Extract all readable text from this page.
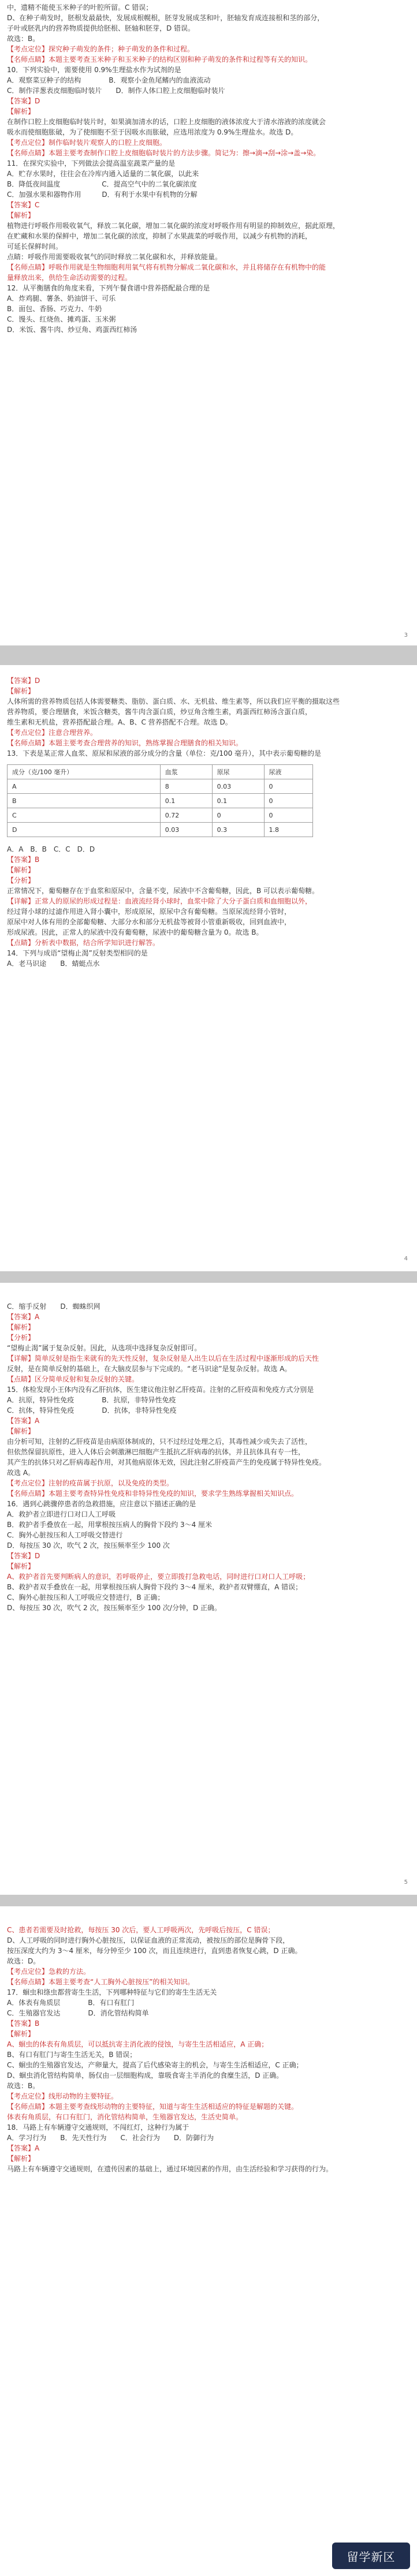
中，遗精不能使玉米种子的叶腔所留。C 错误；
D、在种子萌发时，胚根发最最快，发展成根幌根，胚芽发展成茎和叶，胚轴发育成连接根和茎的部分，
子叶或胚乳内的营养物质提供给胚根、胚轴和胚芽，D 错误。
故选：B。
【考点定位】探究种子萌发的条件；种子萌发的条件和过程。
【名师点睛】本题主要考查玉米种子和玉米种子的结构区别和种子萌发的条件和过程等有关的知识。
10．下列实验中，需要使用 0.9%生理盐水作为试剂的是
A．观察菜豆种子的结构　　　　B．观察小金鱼尾鳍内的血液流动
C．制作洋葱表皮细胞临时装片　　D．制作人体口腔上皮细胞临时装片
【答案】D
【解析】
在制作口腔上皮细胞临时装片时，如果滴加清水的话，口腔上皮细胞的液体浓度大于清水溶液的浓度就会
吸水而使细胞胀破，为了使细胞不至于因吸水而胀破，应选用浓度为 0.9%生理盐水。故选 D。
【考点定位】制作临时装片观察人的口腔上皮细胞。
【名师点睛】本题主要考查制作口腔上皮细胞临时装片的方法步骤。简记为：擦→滴→刮→涂→盖→染。
11．在探究实验中，下列做法会提高温室蔬菜产量的是
A．贮存水果时，往往会在冷库内通入适量的二氧化碳，以此来
B．降低夜间温度　　　　　　C．提高空气中的二氧化碳浓度
C．加强水果和器物作用　　　D．有利于水果中有机物的分解
【答案】C
【解析】
植物进行呼吸作用吸收氧气，释放二氧化碳，增加二氧化碳的浓度对呼吸作用有明显的抑制效应，据此原理，
在贮藏和水果的保鲜中，增加二氧化碳的浓度，抑制了水果蔬菜的呼吸作用，以减少有机物的消耗，
可延长保鲜时间。
点睛：呼吸作用需要吸收氧气的同时释放二氧化碳和水，并释放能量。
【名师点睛】呼吸作用就是生物细胞利用氧气将有机物分解成二氧化碳和水，并且将储存在有机物中的能
量释放出来，供给生命活动需要的过程。
12．从平衡膳食的角度来看，下列午餐食谱中营养搭配最合理的是
A．炸鸡腿、薯条、奶油饼干、可乐
B．面包、香肠、巧克力、牛奶
C．馒头、红烧鱼、摊鸡蛋、玉米粥
D．米饭、酱牛肉、炒豆角、鸡蛋西红柿汤
3
【答案】D
【解析】
人体所需的营养物质包括人体需要糖类、脂肪、蛋白质、水、无机盐、维生素等，所以我们应平衡的摄取这些
营养物质，要合理膳食，米饭含糖类，酱牛肉含蛋白质，炒豆角含维生素，鸡蛋西红柿汤含蛋白质，
维生素和无机盐，营养搭配最合理。A、B、C 营养搭配不合理。故选 D。
【考点定位】注意合理营养。
【名师点睛】本题主要考查合理营养的知识，熟练掌握合理膳食的相关知识。
13．下表是某正常人血浆、原尿和尿液的部分成分的含量（单位：克/100 毫升），其中表示葡萄糖的是
成分（克/100 毫升）	血浆	原尿	尿液
A	8	0.03	0
B	0.1	0.1	0
C	0.72	0	0
D	0.03	0.3	1.8
A．A　B．B　C．C　D．D
【答案】B
【解析】
【分析】
正常情况下，葡萄糖存在于血浆和原尿中，含量不变，尿液中不含葡萄糖，因此，B 可以表示葡萄糖。
【详解】正常人的原尿的形成过程是：血液流经肾小球时，血浆中除了大分子蛋白质和血细胞以外，
经过肾小球的过滤作用进入肾小囊中，形成原尿，原尿中含有葡萄糖。当原尿流经肾小管时，
原尿中对人体有用的全部葡萄糖、大部分水和部分无机盐等被肾小管重新吸收，回到血液中，
形成尿液。因此，正常人的尿液中没有葡萄糖，尿液中的葡萄糖含量为 0。故选 B。
【点睛】分析表中数据，结合所学知识进行解答。
14．下列与成语“望梅止渴”反射类型相同的是
A．老马识途　　B．蜻蜓点水
4
C．缩手反射　　D．蜘蛛织网
【答案】A
【解析】
【分析】
“望梅止渴”属于复杂反射。因此，从选项中选择复杂反射即可。
【详解】简单反射是指生来就有的先天性反射，复杂反射是人出生以后在生活过程中逐渐形成的后天性
反射，是在简单反射的基础上，在大脑皮层参与下完成的。“老马识途”是复杂反射。故选 A。
【点睛】区分简单反射和复杂反射的关键。
15．体检发现小王体内没有乙肝抗体，医生建议他注射乙肝疫苗。注射的乙肝疫苗和免疫方式分别是
A．抗原，特异性免疫　　　　B．抗原，非特异性免疫
C．抗体，特异性免疫　　　　D．抗体，非特异性免疫
【答案】A
【解析】
由分析可知，注射的乙肝疫苗是由病原体制成的，只不过经过处理之后，其毒性减少或失去了活性，
但依然保留抗原性，进入人体后会刺激淋巴细胞产生抵抗乙肝病毒的抗体，并且抗体具有专一性，
其产生的抗体只对乙肝病毒起作用，对其他病原体无效，因此注射乙肝疫苗产生的免疫属于特异性免疫。
故选 A。
【考点定位】注射的疫苗属于抗原，以及免疫的类型。
【名师点睛】本题主要考查特异性免疫和非特异性免疫的知识，要求学生熟练掌握相关知识点。
16．遇到心跳骤停患者的急救措施，应注意以下描述正确的是
A．救护者立即进行口对口人工呼吸
B．救护者手叠放在一起，用掌根按压病人的胸骨下段约 3～4 厘米
C．胸外心脏按压和人工呼吸交替进行
D．每按压 30 次，吹气 2 次，按压频率至少 100 次
【答案】D
【解析】
A、救护者首先要判断病人的意识，若呼吸停止，要立即拨打急救电话，同时进行口对口人工呼吸；
B、救护者双手叠放在一起，用掌根按压病人胸骨下段约 3～4 厘米，救护者双臂绷直，A 错误；
C、胸外心脏按压和人工呼吸应交替进行，B 正确；
D、每按压 30 次，吹气 2 次，按压频率至少 100 次/分钟，D 正确。
5
C、患者若需要及时抢救，每按压 30 次后，要人工呼吸两次，先呼吸后按压，C 错误；
D、人工呼吸的同时进行胸外心脏按压，以保证血液的正常流动，被按压的部位是胸骨下段，
按压深度大约为 3～4 厘米，每分钟至少 100 次，而且连续进行，直到患者恢复心跳，D 正确。
故选：D。
【考点定位】急救的方法。
【名师点睛】本题主要考查“人工胸外心脏按压”的相关知识。
17．蛔虫和绦虫都营寄生生活，下列哪种特征与它们的寄生生活无关
A．体表有角质层　　　　B．有口有肛门
C．生殖器官发达　　　　D．消化管结构简单
【答案】B
【解析】
A、蛔虫的体表有角质层，可以抵抗寄主消化液的侵蚀，与寄生生活相适应，A 正确；
B、有口有肛门与寄生生活无关，B 错误；
C、蛔虫的生殖器官发达，产卵量大，提高了后代感染寄主的机会，与寄生生活相适应，C 正确；
D、蛔虫消化管结构简单，肠仅由一层细胞构成，靠吸食寄主半消化的食糜生活，D 正确。
故选：B。
【考点定位】线形动物的主要特征。
【名师点睛】本题主要考查线形动物的主要特征，知道与寄生生活相适应的特征是解题的关键。
体表有角质层，有口有肛门，消化管结构简单，生殖器官发达，生活史简单。
18．马路上有车辆遵守交通规则，不闯红灯，这种行为属于
A．学习行为　　B．先天性行为　　C．社会行为　　D．防御行为
【答案】A
【解析】
马路上有车辆遵守交通规则，在遗传因素的基础上，通过环境因素的作用，由生活经验和学习获得的行为。
留学新区
